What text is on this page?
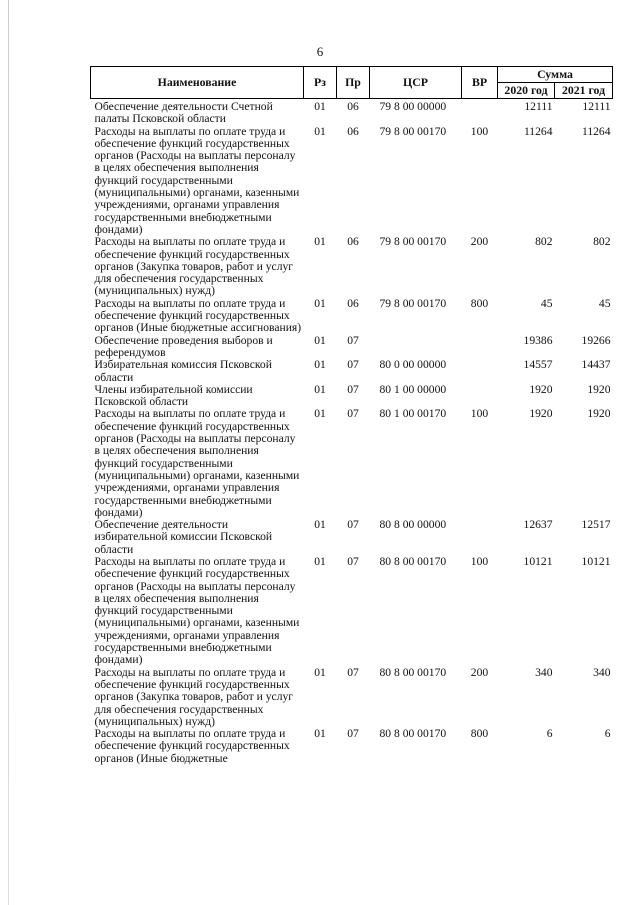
6
Наименование	Рз	Пр	ЦСР	ВР	Сумма	
					2020 год	2021 год
Обеспечение деятельности Счетной палаты Псковской области	01	06	79 8 00 00000		12111	12111
Расходы на выплаты по оплате труда и обеспечение функций государственных органов (Расходы на выплаты персоналу в целях обеспечения выполнения функций государственными (муниципальными) органами, казенными учреждениями, органами управления государственными внебюджетными фондами)	01	06	79 8 00 00170	100	11264	11264
Расходы на выплаты по оплате труда и обеспечение функций государственных органов (Закупка товаров, работ и услуг для обеспечения государственных (муниципальных) нужд)	01	06	79 8 00 00170	200	802	802
Расходы на выплаты по оплате труда и обеспечение функций государственных органов (Иные бюджетные ассигнования)	01	06	79 8 00 00170	800	45	45
Обеспечение проведения выборов и референдумов	01	07			19386	19266
Избирательная комиссия Псковской области	01	07	80 0 00 00000		14557	14437
Члены избирательной комиссии Псковской области	01	07	80 1 00 00000		1920	1920
Расходы на выплаты по оплате труда и обеспечение функций государственных органов (Расходы на выплаты персоналу в целях обеспечения выполнения функций государственными (муниципальными) органами, казенными учреждениями, органами управления государственными внебюджетными фондами)	01	07	80 1 00 00170	100	1920	1920
Обеспечение деятельности избирательной комиссии Псковской области	01	07	80 8 00 00000		12637	12517
Расходы на выплаты по оплате труда и обеспечение функций государственных органов (Расходы на выплаты персоналу в целях обеспечения выполнения функций государственными (муниципальными) органами, казенными учреждениями, органами управления государственными внебюджетными фондами)	01	07	80 8 00 00170	100	10121	10121
Расходы на выплаты по оплате труда и обеспечение функций государственных органов (Закупка товаров, работ и услуг для обеспечения государственных (муниципальных) нужд)	01	07	80 8 00 00170	200	340	340
Расходы на выплаты по оплате труда и обеспечение функций государственных органов (Иные бюджетные	01	07	80 8 00 00170	800	6	6
